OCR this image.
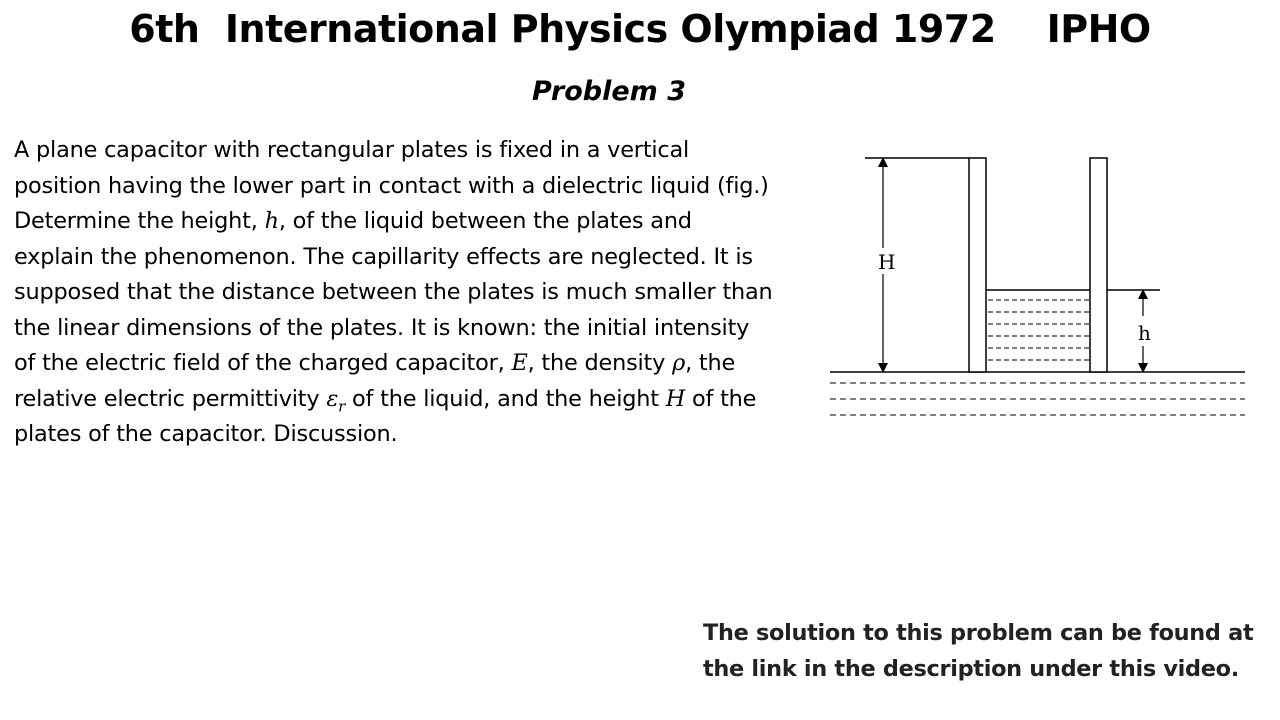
6th  International Physics Olympiad 1972    IPHO
Problem 3
A plane capacitor with rectangular plates is fixed in a vertical position having the lower part in contact with a dielectric liquid (fig.) Determine the height, h, of the liquid between the plates and explain the phenomenon. The capillarity effects are neglected. It is supposed that the distance between the plates is much smaller than the linear dimensions of the plates. It is known: the initial intensity of the electric field of the charged capacitor, E, the density ρ, the relative electric permittivity $\varepsilon_r$ of the liquid, and the height H of the plates of the capacitor. Discussion.
H
h
The solution to this problem can be found at the link in the description under this video.
